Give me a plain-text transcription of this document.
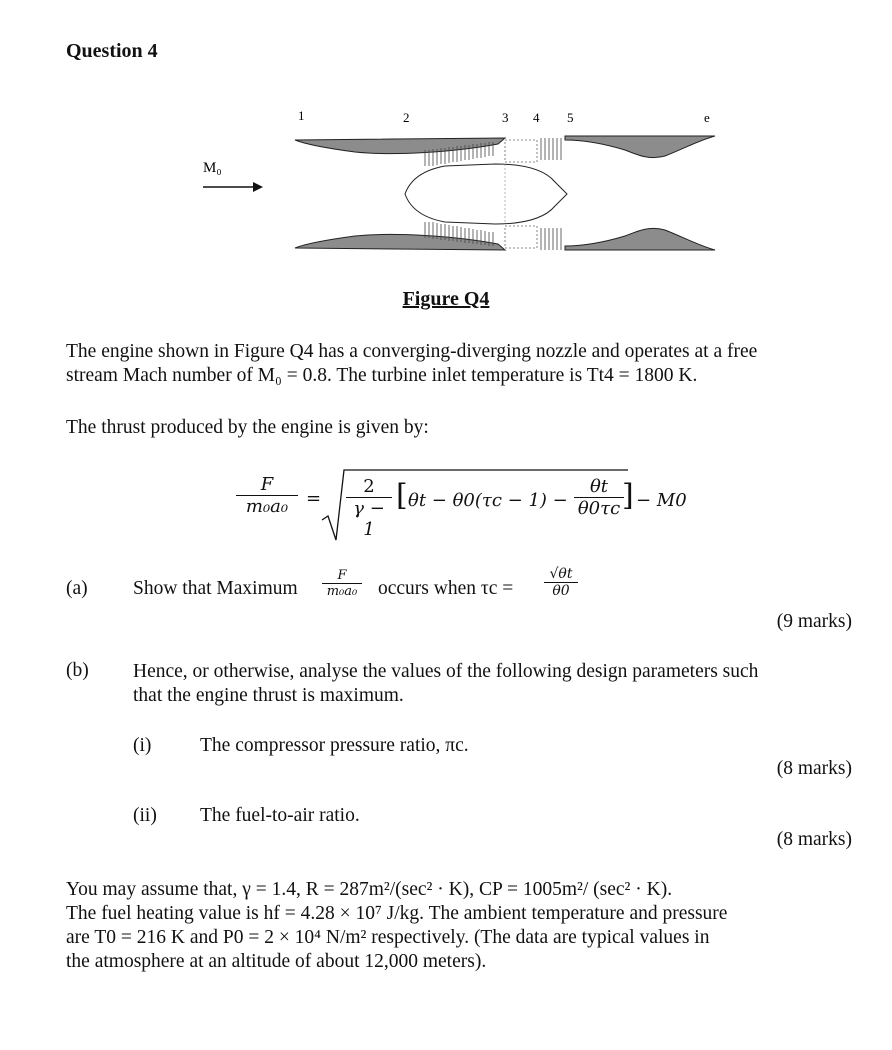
Question 4
1	2	3 4 5	e
M₀
Figure Q4
The engine shown in Figure Q4 has a converging-diverging nozzle and operates at a free
stream Mach number of M₀ = 0.8. The turbine inlet temperature is Tt4 = 1800 K.
The thrust produced by the engine is given by:
$\frac{F}{\text{m₀a₀}} = \frac{2}{\gamma - 1}$ [ $\theta t - \theta 0(\tau c - 1) - \frac{\theta t}{\theta 0\tau c}$
] − M0
(a) Show that Maximum $\frac{F}{\text{m₀a₀}}$ occurs when $\tau c = \frac{√\theta t}{\theta 0}$
(9 marks)
(b) Hence, or otherwise, analyse the values of the following design parameters such
that the engine thrust is maximum.
(i) The compressor pressure ratio, πc.
(8 marks)
(ii) The fuel-to-air ratio.
(8 marks)
You may assume that, γ = 1.4, R = 287m²/(sec² · K), CP = 1005m²/ (sec² · K).
The fuel heating value is hf = 4.28 × 10⁷ J/kg. The ambient temperature and pressure
are T0 = 216 K and P0 = 2 × 10⁴ N/m² respectively. (The data are typical values in
the atmosphere at an altitude of about 12,000 meters).
